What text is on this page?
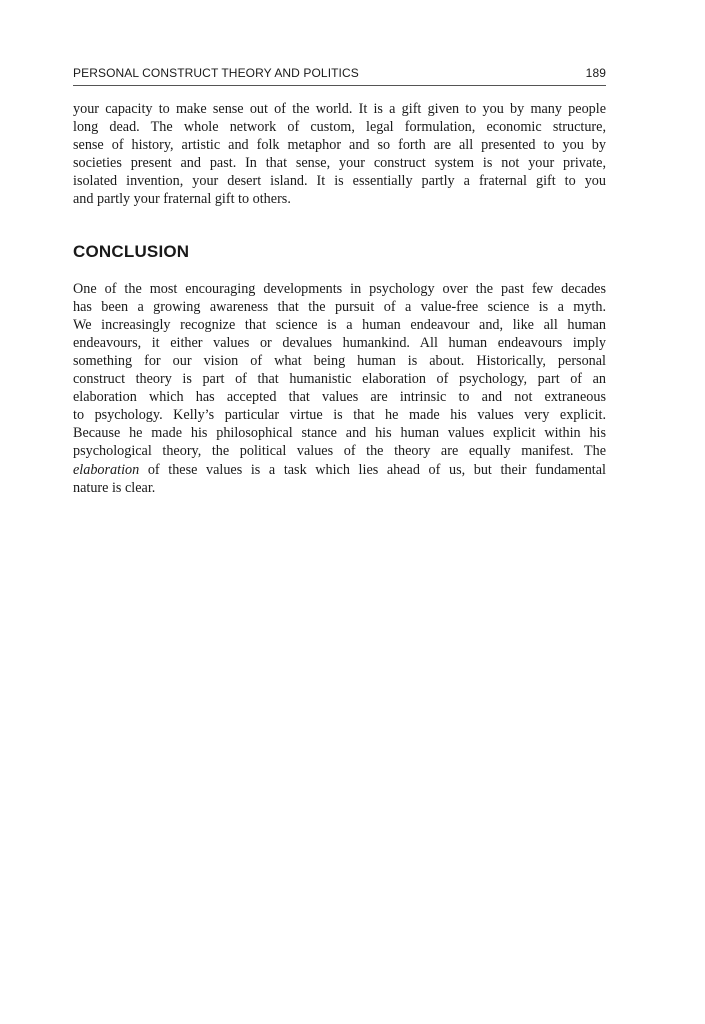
PERSONAL CONSTRUCT THEORY AND POLITICS	189

your capacity to make sense out of the world. It is a gift given to you by many people
long dead. The whole network of custom, legal formulation, economic structure,
sense of history, artistic and folk metaphor and so forth are all presented to you by
societies present and past. In that sense, your construct system is not your private,
isolated invention, your desert island. It is essentially partly a fraternal gift to you
and partly your fraternal gift to others.

CONCLUSION

One of the most encouraging developments in psychology over the past few decades
has been a growing awareness that the pursuit of a value-free science is a myth.
We increasingly recognize that science is a human endeavour and, like all human
endeavours, it either values or devalues humankind. All human endeavours imply
something for our vision of what being human is about. Historically, personal
construct theory is part of that humanistic elaboration of psychology, part of an
elaboration which has accepted that values are intrinsic to and not extraneous
to psychology. Kelly’s particular virtue is that he made his values very explicit.
Because he made his philosophical stance and his human values explicit within his
psychological theory, the political values of the theory are equally manifest. The
elaboration of these values is a task which lies ahead of us, but their fundamental
nature is clear.
